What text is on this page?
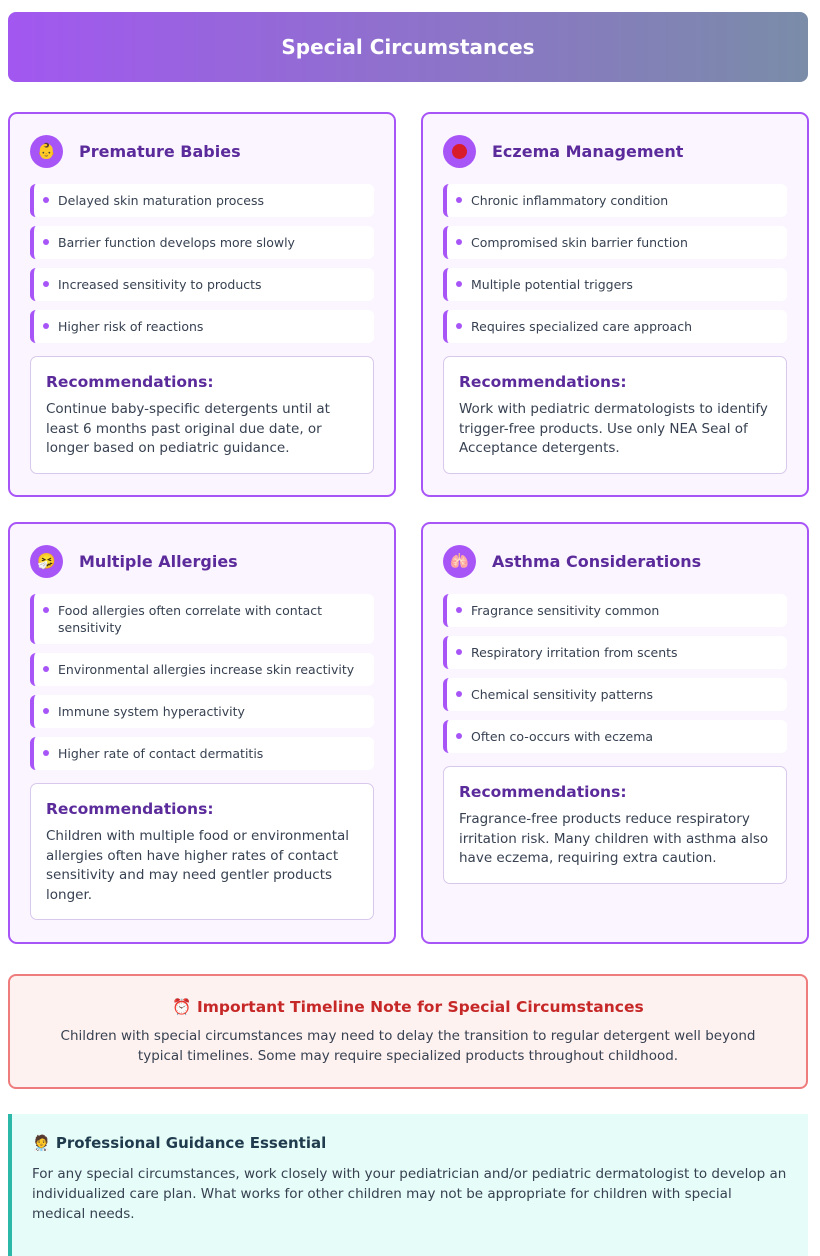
Special Circumstances
👶	Premature Babies
Delayed skin maturation process
Barrier function develops more slowly
Increased sensitivity to products
Higher risk of reactions
Recommendations:

Continue baby-specific detergents until at least 6 months past original due date, or longer based on pediatric guidance.

Eczema Management
Chronic inflammatory condition
Compromised skin barrier function
Multiple potential triggers
Requires specialized care approach
Recommendations:

Work with pediatric dermatologists to identify trigger-free products. Use only NEA Seal of Acceptance detergents.

🤧	Multiple Allergies
Food allergies often correlate with contact sensitivity
Environmental allergies increase skin reactivity
Immune system hyperactivity
Higher rate of contact dermatitis
Recommendations:

Children with multiple food or environmental allergies often have higher rates of contact sensitivity and may need gentler products longer.

🫁	Asthma Considerations
Fragrance sensitivity common
Respiratory irritation from scents
Chemical sensitivity patterns
Often co-occurs with eczema
Recommendations:

Fragrance-free products reduce respiratory irritation risk. Many children with asthma also have eczema, requiring extra caution.

⏰ Important Timeline Note for Special Circumstances

Children with special circumstances may need to delay the transition to regular detergent well beyond typical timelines. Some may require specialized products throughout childhood.

🧑‍⚕️ Professional Guidance Essential

For any special circumstances, work closely with your pediatrician and/or pediatric dermatologist to develop an individualized care plan. What works for other children may not be appropriate for children with special medical needs.
